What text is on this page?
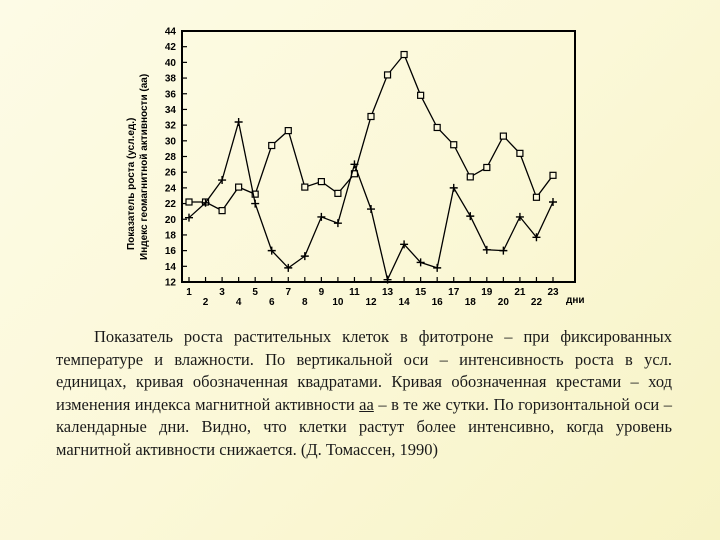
Показатель роста (усл.ед.) Индекс геомагнитной активности (аа)
12
14
16
18
20
22
24
26
28
30
32
34
36
38
40
42
44
1	3	5	7	9	11 13 15 17 19 21 23
2	4	6	8 10 12 14 16 18 20 22 дни
Показатель роста растительных клеток в фитотроне – при фиксированных температуре и влажности. По вертикальной оси – интенсивность роста в усл. единицах, кривая обозначенная квадратами. Кривая обозначенная крестами – ход изменения индекса магнитной активности аа – в те же сутки. По горизонтальной оси – календарные дни. Видно, что клетки растут более интенсивно, когда уровень магнитной активности снижается. (Д. Томассен, 1990)
